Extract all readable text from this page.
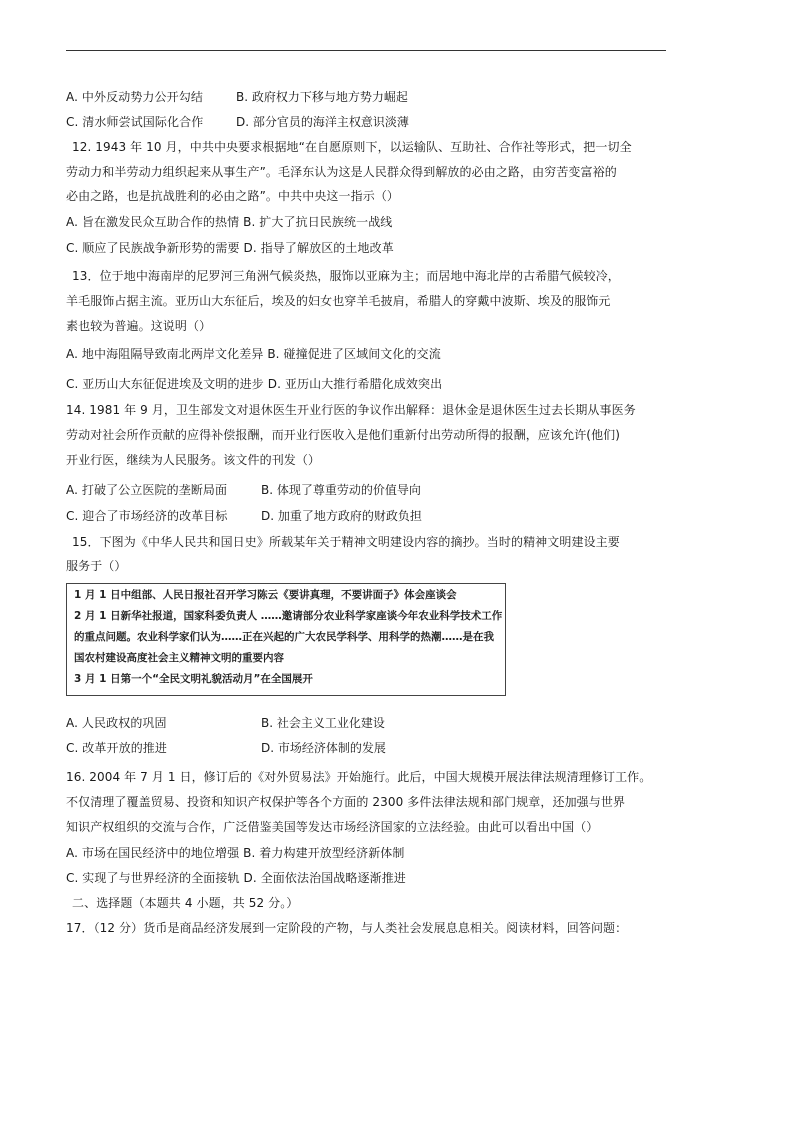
A. 中外反动势力公开勾结	B. 政府权力下移与地方势力崛起
C. 清水师尝试国际化合作	D. 部分官员的海洋主权意识淡薄
12. 1943 年 10 月，中共中央要求根据地“在自愿原则下，以运输队、互助社、合作社等形式，把一切全
劳动力和半劳动力组织起来从事生产”。毛泽东认为这是人民群众得到解放的必由之路，由穷苦变富裕的
必由之路，也是抗战胜利的必由之路”。中共中央这一指示（）
A. 旨在激发民众互助合作的热情 B. 扩大了抗日民族统一战线
C. 顺应了民族战争新形势的需要 D. 指导了解放区的土地改革
13．位于地中海南岸的尼罗河三角洲气候炎热，服饰以亚麻为主；而居地中海北岸的古希腊气候较冷，
羊毛服饰占据主流。亚历山大东征后，埃及的妇女也穿羊毛披肩，希腊人的穿戴中波斯、埃及的服饰元
素也较为普遍。这说明（）
A. 地中海阻隔导致南北两岸文化差异 B. 碰撞促进了区域间文化的交流
C. 亚历山大东征促进埃及文明的进步 D. 亚历山大推行希腊化成效突出
14. 1981 年 9 月，卫生部发文对退休医生开业行医的争议作出解释：退休金是退休医生过去长期从事医务
劳动对社会所作贡献的应得补偿报酬，而开业行医收入是他们重新付出劳动所得的报酬，应该允许(他们)
开业行医，继续为人民服务。该文件的刊发（）
A. 打破了公立医院的垄断局面	B. 体现了尊重劳动的价值导向
C. 迎合了市场经济的改革目标	D. 加重了地方政府的财政负担
15．下图为《中华人民共和国日史》所载某年关于精神文明建设内容的摘抄。当时的精神文明建设主要
服务于（）
1 月 1 日中组部、人民日报社召开学习陈云《要讲真理，不要讲面子》体会座谈会
2 月 1 日新华社报道，国家科委负责人 ……邀请部分农业科学家座谈今年农业科学技术工作
的重点问题。农业科学家们认为……正在兴起的广大农民学科学、用科学的热潮……是在我
国农村建设高度社会主义精神文明的重要内容
3 月 1 日第一个“全民文明礼貌活动月”在全国展开
A. 人民政权的巩固	B. 社会主义工业化建设
C. 改革开放的推进	D. 市场经济体制的发展
16. 2004 年 7 月 1 日，修订后的《对外贸易法》开始施行。此后，中国大规模开展法律法规清理修订工作。
不仅清理了覆盖贸易、投资和知识产权保护等各个方面的 2300 多件法律法规和部门规章，还加强与世界
知识产权组织的交流与合作，广泛借鉴美国等发达市场经济国家的立法经验。由此可以看出中国（）
A. 市场在国民经济中的地位增强 B. 着力构建开放型经济新体制
C. 实现了与世界经济的全面接轨 D. 全面依法治国战略逐渐推进
二、选择题（本题共 4 小题，共 52 分。）
17．（12 分）货币是商品经济发展到一定阶段的产物，与人类社会发展息息相关。阅读材料，回答问题：
